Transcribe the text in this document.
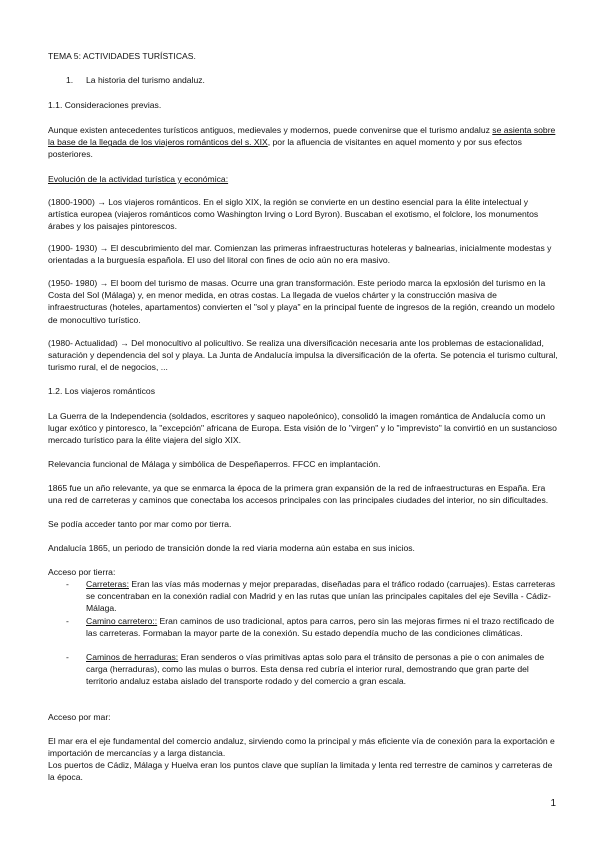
TEMA 5: ACTIVIDADES TURÍSTICAS.

1.	La historia del turismo andaluz.

1.1. Consideraciones previas.

Aunque existen antecedentes turísticos antiguos, medievales y modernos, puede convenirse que el turismo andaluz se asienta sobre la base de la llegada de los viajeros románticos del s. XIX, por la afluencia de visitantes en aquel momento y por sus efectos posteriores.

Evolución de la actividad turística y económica:

(1800-1900) → Los viajeros románticos. En el siglo XIX, la región se convierte en un destino esencial para la élite intelectual y artística europea (viajeros románticos como Washington Irving o Lord Byron). Buscaban el exotismo, el folclore, los monumentos árabes y los paisajes pintorescos.

(1900- 1930) → El descubrimiento del mar. Comienzan las primeras infraestructuras hoteleras y balnearias, inicialmente modestas y orientadas a la burguesía española. El uso del litoral con fines de ocio aún no era masivo.

(1950- 1980) → El boom del turismo de masas. Ocurre una gran transformación. Este periodo marca la epxlosión del turismo en la Costa del Sol (Málaga) y, en menor medida, en otras costas. La llegada de vuelos chárter y la construcción masiva de infraestructuras (hoteles, apartamentos) convierten el "sol y playa" en la principal fuente de ingresos de la región, creando un modelo de monocultivo turístico.

(1980- Actualidad) → Del monocultivo al policultivo. Se realiza una diversificación necesaria ante los problemas de estacionalidad, saturación y dependencia del sol y playa. La Junta de Andalucía impulsa la diversificación de la oferta. Se potencia el turismo cultural, turismo rural, el de negocios, ...

1.2. Los viajeros románticos

La Guerra de la Independencia (soldados, escritores y saqueo napoleónico), consolidó la imagen romántica de Andalucía como un lugar exótico y pintoresco, la "excepción" africana de Europa. Esta visión de lo "virgen" y lo "imprevisto" la convirtió en un sustancioso mercado turístico para la élite viajera del siglo XIX.

Relevancia funcional de Málaga y simbólica de Despeñaperros. FFCC en implantación.

1865 fue un año relevante, ya que se enmarca la época de la primera gran expansión de la red de infraestructuras en España. Era una red de carreteras y caminos que conectaba los accesos principales con las principales ciudades del interior, no sin dificultades.

Se podía acceder tanto por mar como por tierra.

Andalucía 1865, un periodo de transición donde la red viaria moderna aún estaba en sus inicios.

Acceso por tierra:

- Carreteras: Eran las vías más modernas y mejor preparadas, diseñadas para el tráfico rodado (carruajes). Estas carreteras se concentraban en la conexión radial con Madrid y en las rutas que unían las principales capitales del eje Sevilla - Cádiz- Málaga.
- Camino carretero:: Eran caminos de uso tradicional, aptos para carros, pero sin las mejoras firmes ni el trazo rectificado de las carreteras. Formaban la mayor parte de la conexión. Su estado dependía mucho de las condiciones climáticas.
- Caminos de herraduras: Eran senderos o vías primitivas aptas solo para el tránsito de personas a pie o con animales de carga (herraduras), como las mulas o burros. Esta densa red cubría el interior rural, demostrando que gran parte del territorio andaluz estaba aislado del transporte rodado y del comercio a gran escala.

Acceso por mar:

El mar era el eje fundamental del comercio andaluz, sirviendo como la principal y más eficiente vía de conexión para la exportación e importación de mercancías y a larga distancia.

Los puertos de Cádiz, Málaga y Huelva eran los puntos clave que suplían la limitada y lenta red terrestre de caminos y carreteras de la época.

1
